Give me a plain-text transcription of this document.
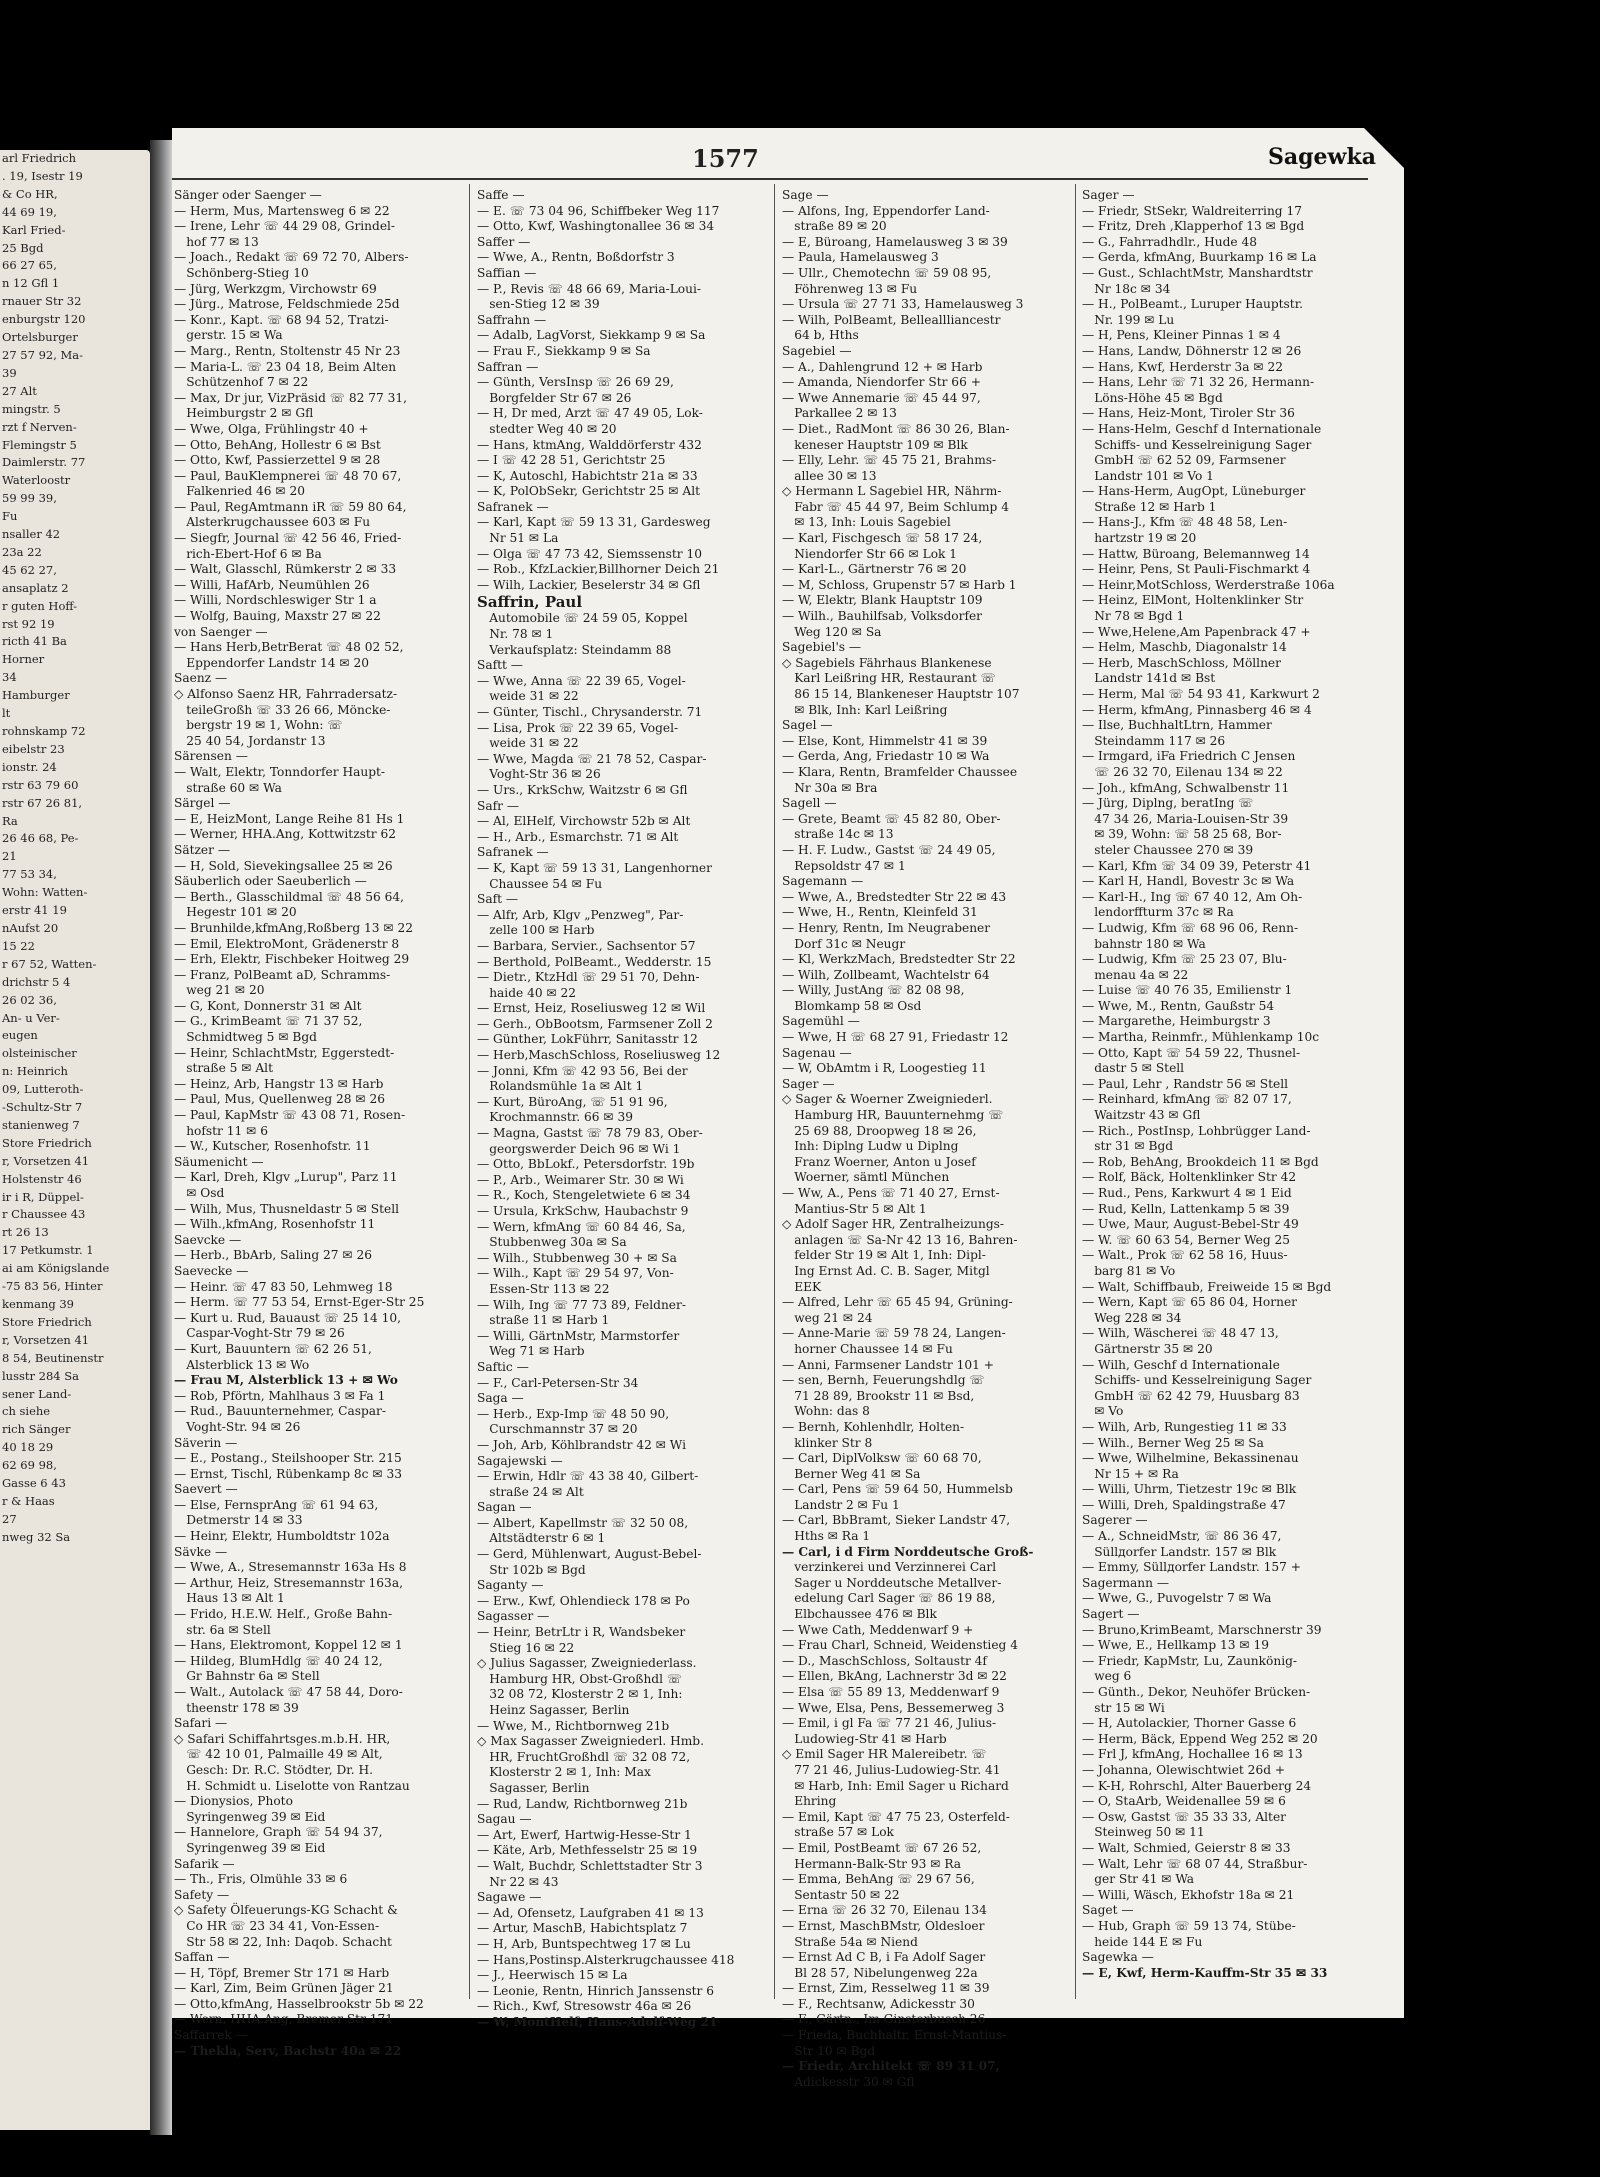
arl Friedrich
. 19, Isestr 19
& Co HR,
44 69 19,
Karl Fried-
25 Bgd
66 27 65,
n 12 Gfl 1
rnauer Str 32
enburgstr 120
Ortelsburger
27 57 92, Ma-
39
27 Alt
mingstr. 5
rzt f Nerven-
Flemingstr 5
Daimlerstr. 77
Waterloostr
59 99 39,
Fu
nsaller 42
23a 22
45 62 27,
ansaplatz 2
r guten Hoff-
rst 92 19
ricth 41 Ba
Horner
34
Hamburger
lt
rohnskamp 72
eibelstr 23
ionstr. 24
rstr 63 79 60
rstr 67 26 81,
Ra
26 46 68, Pe-
21
77 53 34,
Wohn: Watten-
erstr 41 19
nAufst 20
15 22
r 67 52, Watten-
drichstr 5 4
26 02 36,
An- u Ver-
eugen
olsteinischer
n: Heinrich
09, Lutteroth-
-Schultz-Str 7
stanienweg 7
Store Friedrich
r, Vorsetzen 41
Holstenstr 46
ir i R, Düppel-
r Chaussee 43
rt 26 13
17 Petkumstr. 1
ai am Königslande
-75 83 56, Hinter
kenmang 39
Store Friedrich
r, Vorsetzen 41
8 54, Beutinenstr
lusstr 284 Sa
sener Land-
ch siehe
rich Sänger
40 18 29
62 69 98,
Gasse 6 43
r & Haas
27
nweg 32 Sa
1577	Sagewka
Sänger oder Saenger —
— Herm, Mus, Martensweg 6 ✉ 22
— Irene, Lehr ☏ 44 29 08, Grindel-
 hof 77 ✉ 13
— Joach., Redakt ☏ 69 72 70, Albers-
 Schönberg-Stieg 10
— Jürg, Werkzgm, Virchowstr 69
— Jürg., Matrose, Feldschmiede 25d
— Konr., Kapt. ☏ 68 94 52, Tratzi-
 gerstr. 15 ✉ Wa
— Marg., Rentn, Stoltenstr 45 Nr 23
— Maria-L. ☏ 23 04 18, Beim Alten
 Schützenhof 7 ✉ 22
— Max, Dr jur, VizPräsid ☏ 82 77 31,
 Heimburgstr 2 ✉ Gfl
— Wwe, Olga, Frühlingstr 40 +
— Otto, BehAng, Hollestr 6 ✉ Bst
— Otto, Kwf, Passierzettel 9 ✉ 28
— Paul, BauKlempnerei ☏ 48 70 67,
 Falkenried 46 ✉ 20
— Paul, RegAmtmann iR ☏ 59 80 64,
 Alsterkrugchaussee 603 ✉ Fu
— Siegfr, Journal ☏ 42 56 46, Fried-
 rich-Ebert-Hof 6 ✉ Ba
— Walt, Glasschl, Rümkerstr 2 ✉ 33
— Willi, HafArb, Neumühlen 26
— Willi, Nordschleswiger Str 1 a
— Wolfg, Bauing, Maxstr 27 ✉ 22
von Saenger —
— Hans Herb,BetrBerat ☏ 48 02 52,
 Eppendorfer Landstr 14 ✉ 20
Saenz —
◇ Alfonso Saenz HR, Fahrradersatz-
 teileGroßh ☏ 33 26 66, Mönckе-
 bergstr 19 ✉ 1, Wohn: ☏
 25 40 54, Jordanstr 13
Särensen —
— Walt, Elektr, Tonndorfer Haupt-
 straße 60 ✉ Wa
Särgel —
— E, HeizMont, Lange Reihe 81 Hs 1
— Werner, HHA.Ang, Kottwitzstr 62
Sätzer —
— H, Sold, Sievekingsallee 25 ✉ 26
Säuberlich oder Saeuberlich —
— Berth., Glasschildmal ☏ 48 56 64,
 Hegestr 101 ✉ 20
— Brunhilde,kfmAng,Roßberg 13 ✉ 22
— Emil, ElektroMont, Grädenerstr 8
— Erh, Elektr, Fischbeker Hoitweg 29
— Franz, PolBeamt aD, Schramms-
 weg 21 ✉ 20
— G, Kont, Donnerstr 31 ✉ Alt
— G., KrimBeamt ☏ 71 37 52,
 Schmidtweg 5 ✉ Bgd
— Heinr, SchlachtMstr, Eggerstedt-
 straße 5 ✉ Alt
— Heinz, Arb, Hangstr 13 ✉ Harb
— Paul, Mus, Quellenweg 28 ✉ 26
— Paul, KapMstr ☏ 43 08 71, Rosen-
 hofstr 11 ✉ 6
— W., Kutscher, Rosenhofstr. 11
Säumenicht —
— Karl, Dreh, Klgv „Lurup", Parz 11
 ✉ Osd
— Wilh, Mus, Thusneldastr 5 ✉ Stell
— Wilh.,kfmAng, Rosenhofstr 11
Saevcke —
— Herb., BbArb, Saling 27 ✉ 26
Saevecke —
— Heinr. ☏ 47 83 50, Lehmweg 18
— Herm. ☏ 77 53 54, Ernst-Eger-Str 25
— Kurt u. Rud, Bauaust ☏ 25 14 10,
 Caspar-Voght-Str 79 ✉ 26
— Kurt, Bauuntern ☏ 62 26 51,
 Alsterblick 13 ✉ Wo
— Frau M, Alsterblick 13 + ✉ Wo
— Rob, Pförtn, Mahlhaus 3 ✉ Fa 1
— Rud., Bauunternehmer, Caspar-
 Voght-Str. 94 ✉ 26
Säverin —
— E., Postang., Steilshooper Str. 215
— Ernst, Tischl, Rübenkamp 8c ✉ 33
Saevert —
— Else, FernsprAng ☏ 61 94 63,
 Detmerstr 14 ✉ 33
— Heinr, Elektr, Humboldtstr 102a
Sävke —
— Wwe, A., Stresemannstr 163a Hs 8
— Arthur, Heiz, Stresemannstr 163a,
 Haus 13 ✉ Alt 1
— Frido, H.E.W. Helf., Große Bahn-
 str. 6a ✉ Stell
— Hans, Elektromont, Koppel 12 ✉ 1
— Hildeg, BlumHdlg ☏ 40 24 12,
 Gr Bahnstr 6a ✉ Stell
— Walt., Autolack ☏ 47 58 44, Doro-
 theenstr 178 ✉ 39
Safari —
◇ Safari Schiffahrtsges.m.b.H. HR,
 ☏ 42 10 01, Palmaille 49 ✉ Alt,
 Gesch: Dr. R.C. Stödter, Dr. H.
 H. Schmidt u. Liselotte von Rantzau
— Dionysios, Photo
 Syringenweg 39 ✉ Eid
— Hannelore, Graph ☏ 54 94 37,
 Syringenweg 39 ✉ Eid
Safarik —
— Th., Fris, Olmühle 33 ✉ 6
Safety —
◇ Safety Ölfeuerungs-KG Schacht &
 Co HR ☏ 23 34 41, Von-Essen-
 Str 58 ✉ 22, Inh: Daqob. Schacht
Saffan —
— H, Töpf, Bremer Str 171 ✉ Harb
— Karl, Zim, Beim Grünen Jäger 21
— Otto,kfmAng, Hasselbrookstr 5b ✉ 22
— Wern, HHA.Ang, Bremer Str 171
Saffarrek —
— Thekla, Serv, Bachstr 40a ✉ 22
Saffe —
— E. ☏ 73 04 96, Schiffbeker Weg 117
— Otto, Kwf, Washingtonallee 36 ✉ 34
Saffer —
— Wwe, A., Rentn, Boßdorfstr 3
Saffian —
— P., Revis ☏ 48 66 69, Maria-Loui-
 sen-Stieg 12 ✉ 39
Saffrahn —
— Adalb, LagVorst, Siekkamp 9 ✉ Sa
— Frau F., Siekkamp 9 ✉ Sa
Saffran —
— Günth, VersInsp ☏ 26 69 29,
 Borgfelder Str 67 ✉ 26
— H, Dr med, Arzt ☏ 47 49 05, Lok-
 stedter Weg 40 ✉ 20
— Hans, ktmAng, Walddörferstr 432
— I ☏ 42 28 51, Gerichtstr 25
— K, Autoschl, Habichtstr 21a ✉ 33
— K, PolObSekr, Gerichtstr 25 ✉ Alt
Safranek —
— Karl, Kapt ☏ 59 13 31, Gardesweg
 Nr 51 ✉ La
— Olga ☏ 47 73 42, Siemssenstr 10
— Rob., KfzLackier,Billhorner Deich 21
— Wilh, Lackier, Beselerstr 34 ✉ Gfl
Saffrin, Paul
 Automobile ☏ 24 59 05, Koppel
 Nr. 78 ✉ 1
 Verkaufsplatz: Steindamm 88
Saftt —
— Wwe, Anna ☏ 22 39 65, Vogel-
 weide 31 ✉ 22
— Günter, Tischl., Chrysanderstr. 71
— Lisa, Prok ☏ 22 39 65, Vogel-
 weide 31 ✉ 22
— Wwe, Magda ☏ 21 78 52, Caspar-
 Voght-Str 36 ✉ 26
— Urs., KrkSchw, Waitzstr 6 ✉ Gfl
Safr —
— Al, ElHelf, Virchowstr 52b ✉ Alt
— H., Arb., Esmarchstr. 71 ✉ Alt
Safranek —
— K, Kapt ☏ 59 13 31, Langenhorner
 Chaussee 54 ✉ Fu
Saft —
— Alfr, Arb, Klgv „Penzweg", Par-
 zelle 100 ✉ Harb
— Barbara, Servier., Sachsentor 57
— Berthold, PolBeamt., Wedderstr. 15
— Dietr., KtzHdl ☏ 29 51 70, Dehn-
 haide 40 ✉ 22
— Ernst, Heiz, Roseliusweg 12 ✉ Wil
— Gerh., ObBootsm, Farmsener Zoll 2
— Günther, LokFührr, Sanitasstr 12
— Herb,MaschSchloss, Roseliusweg 12
— Jonni, Kfm ☏ 42 93 56, Bei der
 Rolandsmühle 1a ✉ Alt 1
— Kurt, BüroAng, ☏ 51 91 96,
 Krochmannstr. 66 ✉ 39
— Magna, Gastst ☏ 78 79 83, Ober-
 georgswerder Deich 96 ✉ Wi 1
— Otto, BbLokf., Petersdorfstr. 19b
— P., Arb., Weimarer Str. 30 ✉ Wi
— R., Koch, Stengeletwiete 6 ✉ 34
— Ursula, KrkSchw, Haubachstr 9
— Wern, kfmAng ☏ 60 84 46, Sa,
 Stubbenweg 30a ✉ Sa
— Wilh., Stubbenweg 30 + ✉ Sa
— Wilh., Kapt ☏ 29 54 97, Von-
 Essen-Str 113 ✉ 22
— Wilh, Ing ☏ 77 73 89, Feldner-
 straße 11 ✉ Harb 1
— Willi, GärtnMstr, Marmstorfer
 Weg 71 ✉ Harb
Saftic —
— F., Carl-Petersen-Str 34
Saga —
— Herb., Exp-Imp ☏ 48 50 90,
 Curschmannstr 37 ✉ 20
— Joh, Arb, Köhlbrandstr 42 ✉ Wi
Sagajewski —
— Erwin, Hdlr ☏ 43 38 40, Gilbert-
 straße 24 ✉ Alt
Sagan —
— Albert, Kapellmstr ☏ 32 50 08,
 Altstädterstr 6 ✉ 1
— Gerd, Mühlenwart, August-Bebel-
 Str 102b ✉ Bgd
Saganty —
— Erw., Kwf, Ohlendieck 178 ✉ Po
Sagasser —
— Heinr, BetrLtr i R, Wandsbeker
 Stieg 16 ✉ 22
◇ Julius Sagasser, Zweigniederlass.
 Hamburg HR, Obst-Großhdl ☏
 32 08 72, Klosterstr 2 ✉ 1, Inh:
 Heinz Sagasser, Berlin
— Wwe, M., Richtbornweg 21b
◇ Max Sagasser Zweigniederl. Hmb.
 HR, FruchtGroßhdl ☏ 32 08 72,
 Klosterstr 2 ✉ 1, Inh: Max
 Sagasser, Berlin
— Rud, Landw, Richtbornweg 21b
Sagau —
— Art, Ewerf, Hartwig-Hesse-Str 1
— Käte, Arb, Methfesselstr 25 ✉ 19
— Walt, Buchdr, Schlettstadter Str 3
 Nr 22 ✉ 43
Sagawe —
— Ad, Ofensetz, Laufgraben 41 ✉ 13
— Artur, MaschB, Habichtsplatz 7
— H, Arb, Buntspechtweg 17 ✉ Lu
— Hans,Postinsp.Alsterkrugchaussee 418
— J., Heerwisch 15 ✉ La
— Leonie, Rentn, Hinrich Janssenstr 6
— Rich., Kwf, Stresowstr 46a ✉ 26
— W, MontHelf, Hans-Adolf-Weg 21
Sage —
— Alfons, Ing, Eppendorfer Land-
 straße 89 ✉ 20
— E, Büroang, Hamelausweg 3 ✉ 39
— Paula, Hamelausweg 3
— Ullr., Chemotechn ☏ 59 08 95,
 Föhrenweg 13 ✉ Fu
— Ursula ☏ 27 71 33, Hamelausweg 3
— Wilh, PolBeamt, Belleallliancestr
 64 b, Hths
Sagebiel —
— A., Dahlengrund 12 + ✉ Harb
— Amanda, Niendorfer Str 66 +
— Wwe Annemarie ☏ 45 44 97,
 Parkallee 2 ✉ 13
— Diet., RadMont ☏ 86 30 26, Blan-
 keneser Hauptstr 109 ✉ Blk
— Elly, Lehr. ☏ 45 75 21, Brahms-
 allee 30 ✉ 13
◇ Hermann L Sagebiel HR, Nährm-
 Fabr ☏ 45 44 97, Beim Schlump 4
 ✉ 13, Inh: Louis Sagebiel
— Karl, Fischgesch ☏ 58 17 24,
 Niendorfer Str 66 ✉ Lok 1
— Karl-L., Gärtnerstr 76 ✉ 20
— M, Schloss, Grupenstr 57 ✉ Harb 1
— W, Elektr, Blank Hauptstr 109
— Wilh., Bauhilfsab, Volksdorfer
 Weg 120 ✉ Sa
Sagebiel's —
◇ Sagebiels Fährhaus Blankenese
 Karl Leißring HR, Restaurant ☏
 86 15 14, Blankeneser Hauptstr 107
 ✉ Blk, Inh: Karl Leißring
Sagel —
— Else, Kont, Himmelstr 41 ✉ 39
— Gerda, Ang, Friedastr 10 ✉ Wa
— Klara, Rentn, Bramfelder Chaussee
 Nr 30a ✉ Bra
Sagell —
— Grete, Beamt ☏ 45 82 80, Ober-
 straße 14c ✉ 13
— H. F. Ludw., Gastst ☏ 24 49 05,
 Repsoldstr 47 ✉ 1
Sagemann —
— Wwe, A., Bredstedter Str 22 ✉ 43
— Wwe, H., Rentn, Kleinfeld 31
— Henry, Rentn, Im Neugrabener
 Dorf 31c ✉ Neugr
— Kl, WerkzMach, Bredstedter Str 22
— Wilh, Zollbeamt, Wachtelstr 64
— Willy, JustAng ☏ 82 08 98,
 Blomkamp 58 ✉ Osd
Sagemühl —
— Wwe, H ☏ 68 27 91, Friedastr 12
Sagenau —
— W, ObAmtm i R, Loogestieg 11
Sager —
◇ Sager & Woerner Zweigniederl.
 Hamburg HR, Bauunternehmg ☏
 25 69 88, Droopweg 18 ✉ 26,
 Inh: Diplng Ludw u Diplng
 Franz Woerner, Anton u Josef
 Woerner, sämtl München
— Ww, A., Pens ☏ 71 40 27, Ernst-
 Mantius-Str 5 ✉ Alt 1
◇ Adolf Sager HR, Zentralheizungs-
 anlagen ☏ Sa-Nr 42 13 16, Bahren-
 felder Str 19 ✉ Alt 1, Inh: Dipl-
 Ing Ernst Ad. C. B. Sager, Mitgl
 EEK
— Alfred, Lehr ☏ 65 45 94, Grüning-
 weg 21 ✉ 24
— Anne-Marie ☏ 59 78 24, Langen-
 horner Chaussee 14 ✉ Fu
— Anni, Farmsener Landstr 101 +
— sen, Bernh, Feuerungshdlg ☏
 71 28 89, Brookstr 11 ✉ Bsd,
 Wohn: das 8
— Bernh, Kohlenhdlr, Holten-
 klinker Str 8
— Carl, DiplVolksw ☏ 60 68 70,
 Berner Weg 41 ✉ Sa
— Carl, Pens ☏ 59 64 50, Hummelsb
 Landstr 2 ✉ Fu 1
— Carl, BbBramt, Sieker Landstr 47,
 Hths ✉ Ra 1
— Carl, i d Firm Norddeutsche Groß-
 verzinkerei und Verzinnerei Carl
 Sager u Norddeutsche Metallver-
 edelung Carl Sager ☏ 86 19 88,
 Elbchaussee 476 ✉ Blk
— Wwe Cath, Meddenwarf 9 +
— Frau Charl, Schneid, Weidenstieg 4
— D., MaschSchloss, Soltaustr 4f
— Ellen, BkAng, Lachnerstr 3d ✉ 22
— Elsa ☏ 55 89 13, Meddenwarf 9
— Wwe, Elsa, Pens, Bessemerweg 3
— Emil, i gl Fa ☏ 77 21 46, Julius-
 Ludowieg-Str 41 ✉ Harb
◇ Emil Sager HR Malereibetr. ☏
 77 21 46, Julius-Ludowieg-Str. 41
 ✉ Harb, Inh: Emil Sager u Richard
 Ehring
— Emil, Kapt ☏ 47 75 23, Osterfeld-
 straße 57 ✉ Lok
— Emil, PostBeamt ☏ 67 26 52,
 Hermann-Balk-Str 93 ✉ Ra
— Emma, BehAng ☏ 29 67 56,
 Sentastr 50 ✉ 22
— Erna ☏ 26 32 70, Eilenau 134
— Ernst, MaschBMstr, Oldesloer
 Straße 54a ✉ Niend
— Ernst Ad C B, i Fa Adolf Sager
 Bl 28 57, Nibelungenweg 22a
— Ernst, Zim, Resselweg 11 ✉ 39
— F., Rechtsanw, Adickesstr 30
— F., Gärtn., Im Ginsterbusch 26
— Frieda, Buchhaltr, Ernst-Mantius-
 Str 10 ✉ Bgd
— Friedr, Architekt ☏ 89 31 07,
 Adickesstr 30 ✉ Gfl
Sager —
— Friedr, StSekr, Waldreiterring 17
— Fritz, Dreh ,Klapperhof 13 ✉ Bgd
— G., Fahrradhdlr., Hude 48
— Gerda, kfmAng, Buurkamp 16 ✉ La
— Gust., SchlachtMstr, Manshardtstr
 Nr 18c ✉ 34
— H., PolBeamt., Luruper Hauptstr.
 Nr. 199 ✉ Lu
— H, Pens, Kleiner Pinnas 1 ✉ 4
— Hans, Landw, Döhnerstr 12 ✉ 26
— Hans, Kwf, Herderstr 3a ✉ 22
— Hans, Lehr ☏ 71 32 26, Hermann-
 Löns-Höhe 45 ✉ Bgd
— Hans, Heiz-Mont, Tiroler Str 36
— Hans-Helm, Geschf d Internationale
 Schiffs- und Kesselreinigung Sager
 GmbH ☏ 62 52 09, Farmsener
 Landstr 101 ✉ Vo 1
— Hans-Herm, AugOpt, Lüneburger
 Straße 12 ✉ Harb 1
— Hans-J., Kfm ☏ 48 48 58, Len-
 hartzstr 19 ✉ 20
— Hattw, Büroang, Belemannweg 14
— Heinr, Pens, St Pauli-Fischmarkt 4
— Heinr,MotSchloss, Werderstraße 106a
— Heinz, ElMont, Holtenklinker Str
 Nr 78 ✉ Bgd 1
— Wwe,Helene,Am Papenbrack 47 +
— Helm, Maschb, Diagonalstr 14
— Herb, MaschSchloss, Möllner
 Landstr 141d ✉ Bst
— Herm, Mal ☏ 54 93 41, Karkwurt 2
— Herm, kfmAng, Pinnasberg 46 ✉ 4
— Ilse, BuchhaltLtrn, Hammer
 Steindamm 117 ✉ 26
— Irmgard, iFa Friedrich C Jensen
 ☏ 26 32 70, Eilenau 134 ✉ 22
— Joh., kfmAng, Schwalbenstr 11
— Jürg, Diplng, beratIng ☏
 47 34 26, Maria-Louisen-Str 39
 ✉ 39, Wohn: ☏ 58 25 68, Bor-
 steler Chaussee 270 ✉ 39
— Karl, Kfm ☏ 34 09 39, Peterstr 41
— Karl H, Handl, Bovestr 3c ✉ Wa
— Karl-H., Ing ☏ 67 40 12, Am Oh-
 lendorffturm 37c ✉ Ra
— Ludwig, Kfm ☏ 68 96 06, Renn-
 bahnstr 180 ✉ Wa
— Ludwig, Kfm ☏ 25 23 07, Blu-
 menau 4a ✉ 22
— Luise ☏ 40 76 35, Emilienstr 1
— Wwe, M., Rentn, Gaußstr 54
— Margarethe, Heimburgstr 3
— Martha, Reinmfr., Mühlenkamp 10c
— Otto, Kapt ☏ 54 59 22, Thusnel-
 dastr 5 ✉ Stell
— Paul, Lehr , Randstr 56 ✉ Stell
— Reinhard, kfmAng ☏ 82 07 17,
 Waitzstr 43 ✉ Gfl
— Rich., PostInsp, Lohbrügger Land-
 str 31 ✉ Bgd
— Rob, BehAng, Brookdeich 11 ✉ Bgd
— Rolf, Bäck, Holtenklinker Str 42
— Rud., Pens, Karkwurt 4 ✉ 1 Eid
— Rud, Kelln, Lattenkamp 5 ✉ 39
— Uwe, Maur, August-Bebel-Str 49
— W. ☏ 60 63 54, Berner Weg 25
— Walt., Prok ☏ 62 58 16, Huus-
 barg 81 ✉ Vo
— Walt, Schiffbaub, Freiweide 15 ✉ Bgd
— Wern, Kapt ☏ 65 86 04, Horner
 Weg 228 ✉ 34
— Wilh, Wäscherei ☏ 48 47 13,
 Gärtnerstr 35 ✉ 20
— Wilh, Geschf d Internationale
 Schiffs- und Kesselreinigung Sager
 GmbH ☏ 62 42 79, Huusbarg 83
 ✉ Vo
— Wilh, Arb, Rungestieg 11 ✉ 33
— Wilh., Berner Weg 25 ✉ Sa
— Wwe, Wilhelmine, Bekassinenau
 Nr 15 + ✉ Ra
— Willi, Uhrm, Tietzestr 19c ✉ Blk
— Willi, Dreh, Spaldingstraße 47
Sagerer —
— A., SchneidMstr, ☏ 86 36 47,
 Süllдorfer Landstr. 157 ✉ Blk
— Emmy, Süllдorfer Landstr. 157 +
Sagermann —
— Wwe, G., Puvogelstr 7 ✉ Wa
Sagert —
— Bruno,KrimBeamt, Marschnerstr 39
— Wwe, E., Hellkamp 13 ✉ 19
— Friedr, KapMstr, Lu, Zaunkönig-
 weg 6
— Günth., Dekor, Neuhöfer Brücken-
 str 15 ✉ Wi
— H, Autolackier, Thorner Gasse 6
— Herm, Bäck, Eppend Weg 252 ✉ 20
— Frl J, kfmAng, Hochallee 16 ✉ 13
— Johanna, Olewischtwiet 26d +
— K-H, Rohrschl, Alter Bauerberg 24
— O, StaArb, Weidenallee 59 ✉ 6
— Osw, Gastst ☏ 35 33 33, Alter
 Steinweg 50 ✉ 11
— Walt, Schmied, Geierstr 8 ✉ 33
— Walt, Lehr ☏ 68 07 44, Straßbur-
 ger Str 41 ✉ Wa
— Willi, Wäsch, Ekhofstr 18a ✉ 21
Saget —
— Hub, Graph ☏ 59 13 74, Stübe-
 heide 144 E ✉ Fu
Sagewka —
— E, Kwf, Herm-Kauffm-Str 35 ✉ 33
